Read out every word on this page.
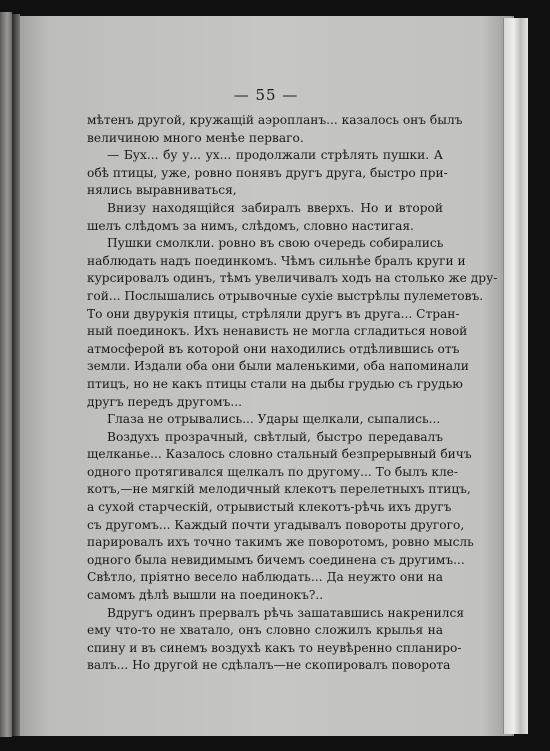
— 55 —
мѣтенъ другой, кружащій аэропланъ... казалось онъ былъ
величиною много менѣе перваго.
— Бух... бу у... ух... продолжали стрѣлять пушки. А
обѣ птицы, уже, ровно понявъ другъ друга, быстро при-
нялись выравниваться,
Внизу находящійся забиралъ вверхъ. Но и второй
шелъ слѣдомъ за нимъ, слѣдомъ, словно настигая.
Пушки смолкли. ровно въ свою очередь собирались
наблюдать надъ поединкомъ. Чѣмъ сильнѣе бралъ круги и
курсировалъ одинъ, тѣмъ увеличивалъ ходъ на столько же дру-
гой... Послышались отрывочные сухіе выстрѣлы пулеметовъ.
То они двурукія птицы, стрѣляли другъ въ друга... Стран-
ный поединокъ. Ихъ ненависть не могла сгладиться новой
атмосферой въ которой они находились отдѣлившись отъ
земли. Издали оба они были маленькими, оба напоминали
птицъ, но не какъ птицы стали на дыбы грудью съ грудью
другъ передъ другомъ...
Глаза не отрывались... Удары щелкали, сыпались...
Воздухъ прозрачный, свѣтлый, быстро передавалъ
щелканье... Казалось словно стальный безпрерывный бичъ
одного протягивался щелкалъ по другому... То былъ кле-
котъ,—не мягкій мелодичный клекотъ перелетныхъ птицъ,
а сухой старческій, отрывистый клекотъ-рѣчь ихъ другъ
съ другомъ... Каждый почти угадывалъ повороты другого,
парировалъ ихъ точно такимъ же поворотомъ, ровно мысль
одного была невидимымъ бичемъ соединена съ другимъ...
Свѣтло, пріятно весело наблюдать... Да неужто они на
самомъ дѣлѣ вышли на поединокъ?..
Вдругъ одинъ прервалъ рѣчь зашатавшись накренился
ему что-то не хватало, онъ словно сложилъ крылья на
спину и въ синемъ воздухѣ какъ то неувѣренно спланиро-
валъ... Но другой не сдѣлалъ—не скопировалъ поворота
